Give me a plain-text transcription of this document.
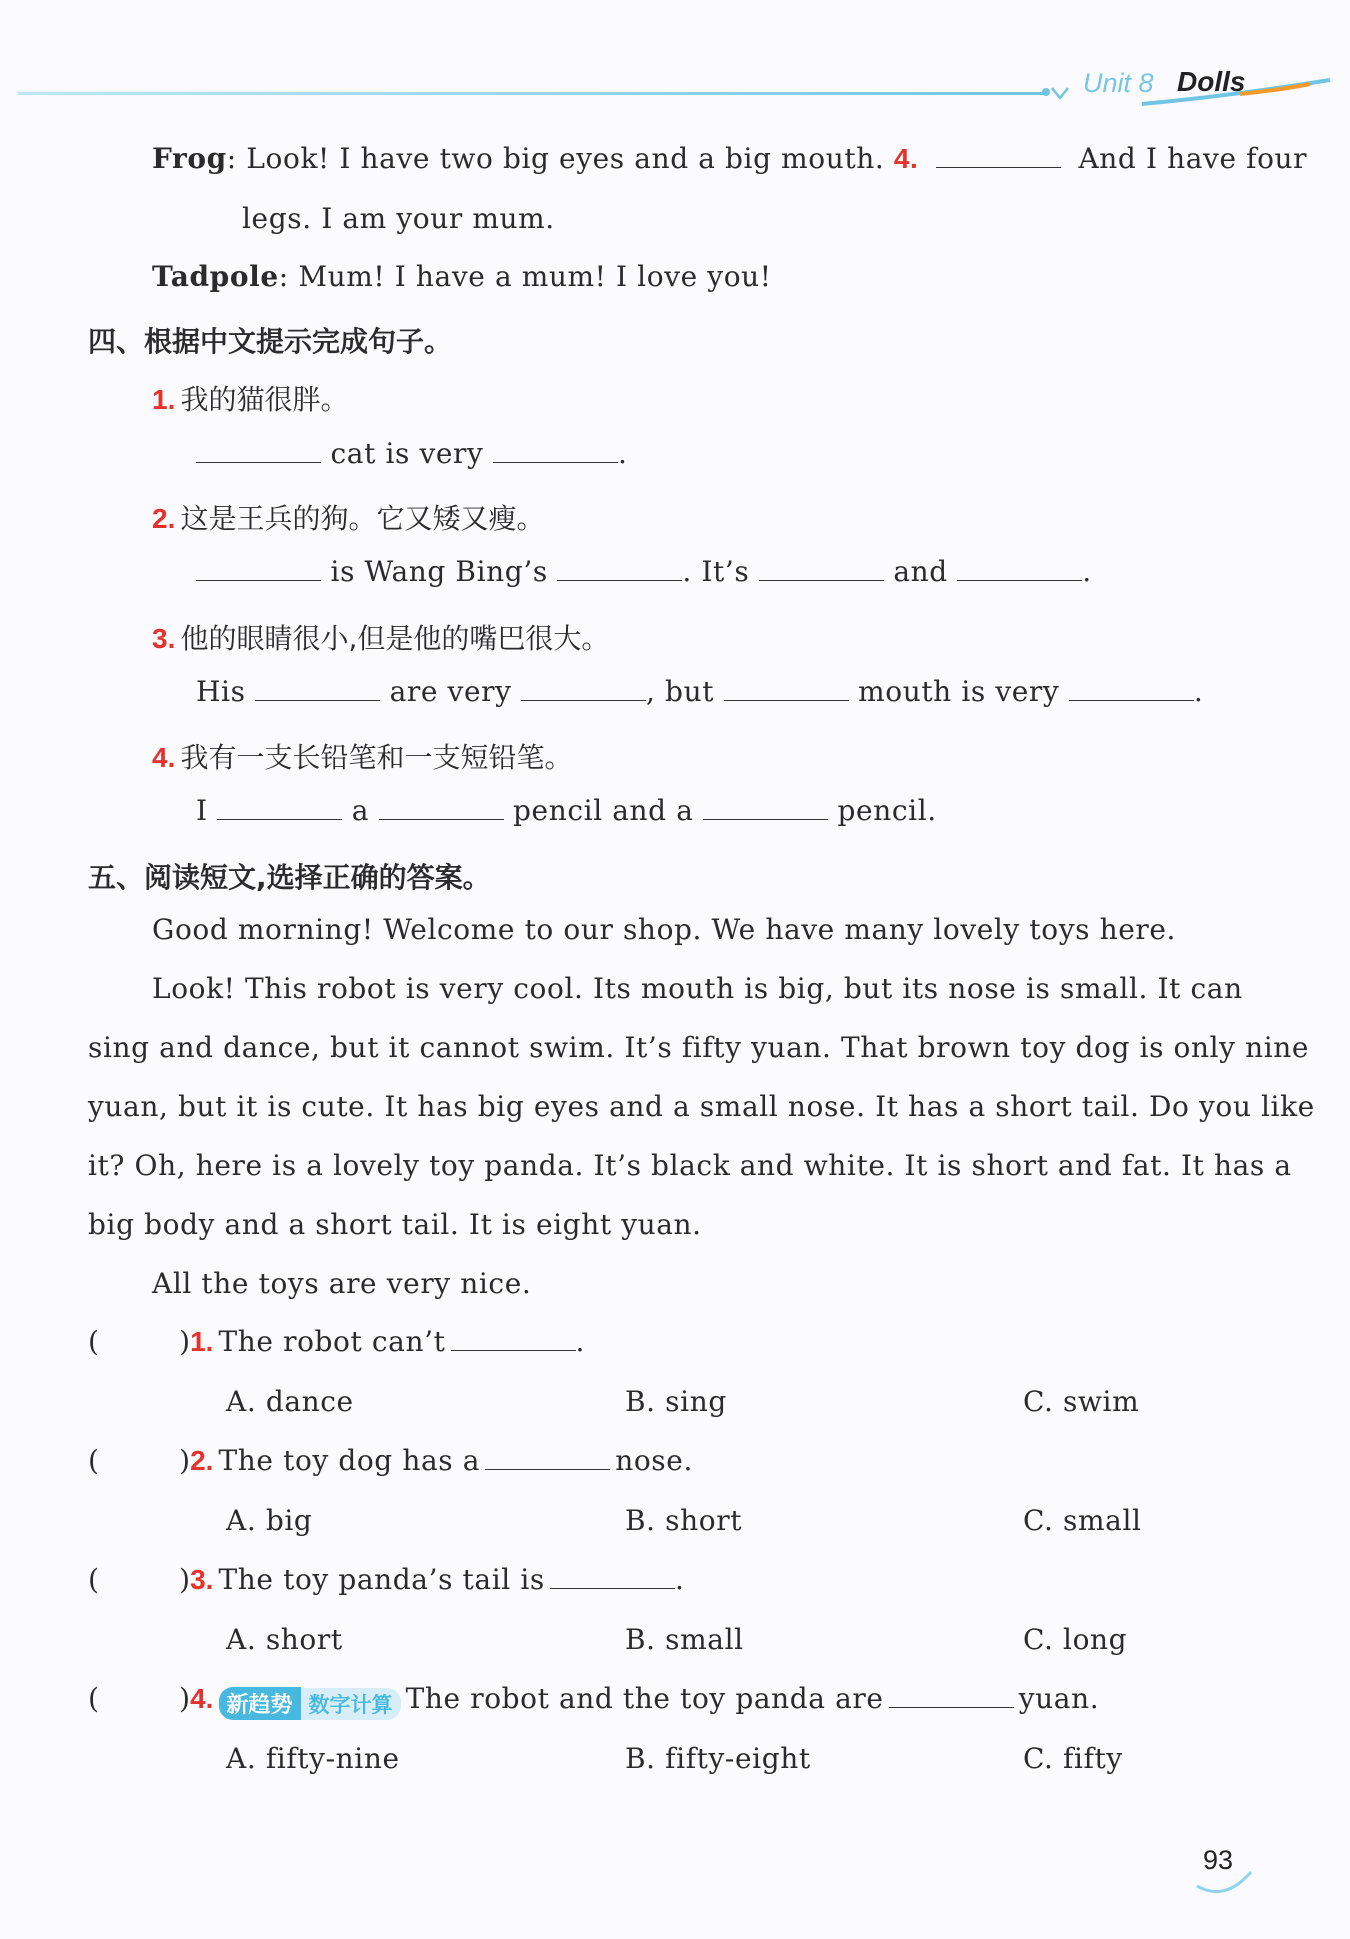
Unit 8 Dolls
Frog: Look! I have two big eyes and a big mouth. 4.	And I have four
legs. I am your mum.
Tadpole: Mum! I have a mum! I love you!
四、根据中文提示完成句子。
1. 我的猫很胖。
cat is very	.
2. 这是王兵的狗。它又矮又瘦。
is Wang Bing’s	. It’s	and	.
3. 他的眼睛很小,但是他的嘴巴很大。
His	are very	, but	mouth is very	.
4. 我有一支长铅笔和一支短铅笔。
I	a	pencil and a	pencil.
五、阅读短文,选择正确的答案。
Good morning! Welcome to our shop. We have many lovely toys here.
Look! This robot is very cool. Its mouth is big, but its nose is small. It can
sing and dance, but it cannot swim. It’s fifty yuan. That brown toy dog is only nine
yuan, but it is cute. It has big eyes and a small nose. It has a short tail. Do you like
it? Oh, here is a lovely toy panda. It’s black and white. It is short and fat. It has a
big body and a short tail. It is eight yuan.
All the toys are very nice.
(	)1. The robot can’t	.
A. dance	B. sing	C. swim
(	)2. The toy dog has a	nose.
A. big	B. short	C. small
(	)3. The toy panda’s tail is	.
A. short	B. small	C. long
(	)4. 新趋势 数字计算 The robot and the toy panda are	yuan.
A. fifty-nine	B. fifty-eight	C. fifty
93
